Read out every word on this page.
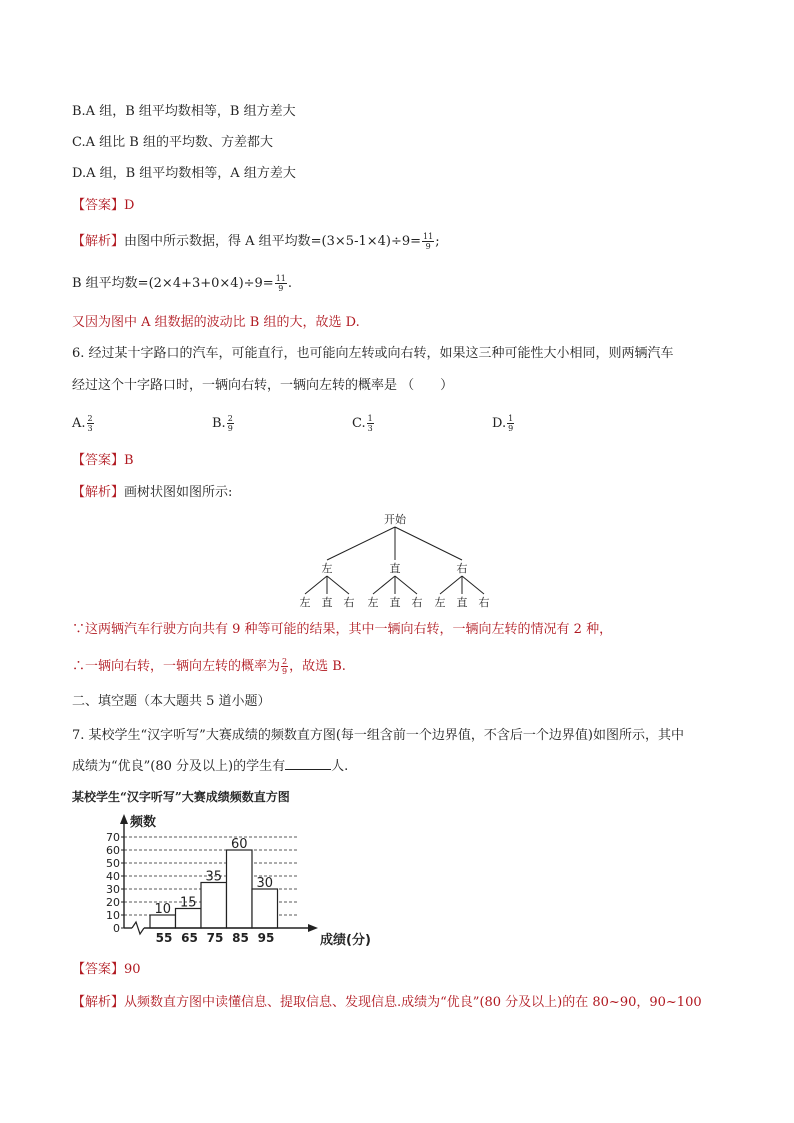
B.A 组，B 组平均数相等，B 组方差大
C.A 组比 B 组的平均数、方差都大
D.A 组，B 组平均数相等，A 组方差大
【答案】D
【解析】由图中所示数据，得 A 组平均数$=(3\times 5-1\times 4)\div 9= \frac{11}{9}$ ;
B 组平均数$=(2\times 4+3+0\times 4)\div 9= \frac{11}{9}$ .
又因为图中 A 组数据的波动比 B 组的大，故选 D.
6. 经过某十字路口的汽车，可能直行，也可能向左转或向右转，如果这三种可能性大小相同，则两辆汽车
经过这个十字路口时，一辆向右转，一辆向左转的概率是 （　　）
A. $\frac{2}{3}$	B. $\frac{2}{9}$	C. $\frac{1}{3}$	D. $\frac{1}{9}$
【答案】B
【解析】画树状图如图所示:
开始
左	直	右
左 直 右 左 直 右 左 直 右
∵这两辆汽车行驶方向共有 9 种等可能的结果，其中一辆向右转，一辆向左转的情况有 2 种，
∴一辆向右转，一辆向左转的概率为 $\frac{2}{9}$ ，故选 B.
二、填空题（本大题共 5 道小题）
7. 某校学生“汉字听写”大赛成绩的频数直方图(每一组含前一个边界值，不含后一个边界值)如图所示，其中
成绩为“优良”(80 分及以上)的学生有	人.
某校学生“汉字听写”大赛成绩频数直方图
10 15
35
60
30
0
10
20
30
40
50
60
70
55 65 75 85 95
频数
成绩(分)
【答案】90
【解析】从频数直方图中读懂信息、提取信息、发现信息.成绩为“优良”(80 分及以上)的在 80~90，90~100
